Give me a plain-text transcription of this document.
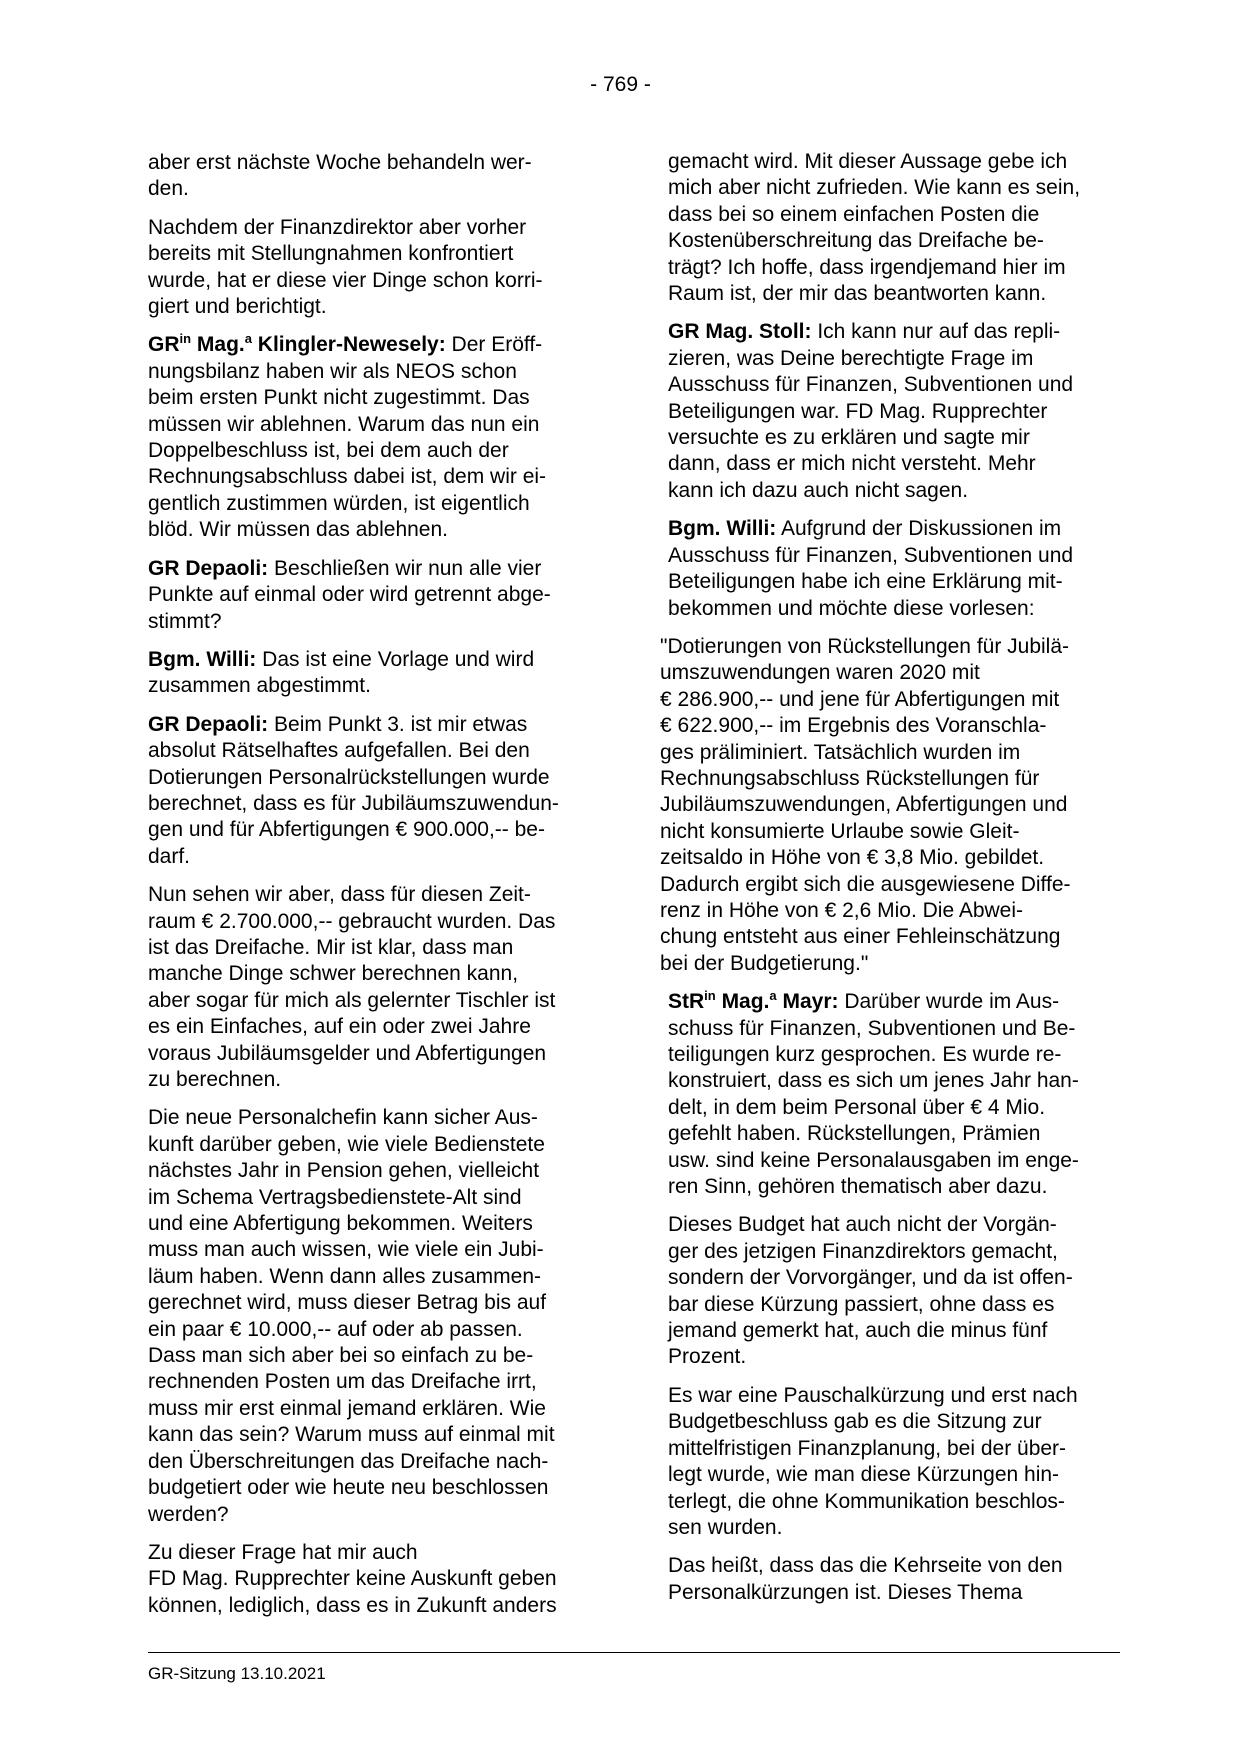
- 769 -

aber erst nächste Woche behandeln wer-
den.

Nachdem der Finanzdirektor aber vorher
bereits mit Stellungnahmen konfrontiert
wurde, hat er diese vier Dinge schon korri-
giert und berichtigt.

$GR^{in}$ Mag.$^a$ Klingler-Newesely: Der Eröff-
nungsbilanz haben wir als NEOS schon
beim ersten Punkt nicht zugestimmt. Das
müssen wir ablehnen. Warum das nun ein
Doppelbeschluss ist, bei dem auch der
Rechnungsabschluss dabei ist, dem wir ei-
gentlich zustimmen würden, ist eigentlich
blöd. Wir müssen das ablehnen.

GR Depaoli: Beschließen wir nun alle vier
Punkte auf einmal oder wird getrennt abge-
stimmt?

Bgm. Willi: Das ist eine Vorlage und wird
zusammen abgestimmt.

GR Depaoli: Beim Punkt 3. ist mir etwas
absolut Rätselhaftes aufgefallen. Bei den
Dotierungen Personalrückstellungen wurde
berechnet, dass es für Jubiläumszuwendun-
gen und für Abfertigungen € 900.000,-- be-
darf.

Nun sehen wir aber, dass für diesen Zeit-
raum € 2.700.000,-- gebraucht wurden. Das
ist das Dreifache. Mir ist klar, dass man
manche Dinge schwer berechnen kann,
aber sogar für mich als gelernter Tischler ist
es ein Einfaches, auf ein oder zwei Jahre
voraus Jubiläumsgelder und Abfertigungen
zu berechnen.

Die neue Personalchefin kann sicher Aus-
kunft darüber geben, wie viele Bedienstete
nächstes Jahr in Pension gehen, vielleicht
im Schema Vertragsbedienstete-Alt sind
und eine Abfertigung bekommen. Weiters
muss man auch wissen, wie viele ein Jubi-
läum haben. Wenn dann alles zusammen-
gerechnet wird, muss dieser Betrag bis auf
ein paar € 10.000,-- auf oder ab passen.
Dass man sich aber bei so einfach zu be-
rechnenden Posten um das Dreifache irrt,
muss mir erst einmal jemand erklären. Wie
kann das sein? Warum muss auf einmal mit
den Überschreitungen das Dreifache nach-
budgetiert oder wie heute neu beschlossen
werden?

Zu dieser Frage hat mir auch
FD Mag. Rupprechter keine Auskunft geben
können, lediglich, dass es in Zukunft anders

gemacht wird. Mit dieser Aussage gebe ich
mich aber nicht zufrieden. Wie kann es sein,
dass bei so einem einfachen Posten die
Kostenüberschreitung das Dreifache be-
trägt? Ich hoffe, dass irgendjemand hier im
Raum ist, der mir das beantworten kann.

GR Mag. Stoll: Ich kann nur auf das repli-
zieren, was Deine berechtigte Frage im
Ausschuss für Finanzen, Subventionen und
Beteiligungen war. FD Mag. Rupprechter
versuchte es zu erklären und sagte mir
dann, dass er mich nicht versteht. Mehr
kann ich dazu auch nicht sagen.

Bgm. Willi: Aufgrund der Diskussionen im
Ausschuss für Finanzen, Subventionen und
Beteiligungen habe ich eine Erklärung mit-
bekommen und möchte diese vorlesen:

"Dotierungen von Rückstellungen für Jubilä-
umszuwendungen waren 2020 mit
€ 286.900,-- und jene für Abfertigungen mit
€ 622.900,-- im Ergebnis des Voranschla-
ges präliminiert. Tatsächlich wurden im
Rechnungsabschluss Rückstellungen für
Jubiläumszuwendungen, Abfertigungen und
nicht konsumierte Urlaube sowie Gleit-
zeitsaldo in Höhe von € 3,8 Mio. gebildet.
Dadurch ergibt sich die ausgewiesene Diffe-
renz in Höhe von € 2,6 Mio. Die Abwei-
chung entsteht aus einer Fehleinschätzung
bei der Budgetierung."

StR$^{in}$ Mag.$^a$ Mayr: Darüber wurde im Aus-
schuss für Finanzen, Subventionen und Be-
teiligungen kurz gesprochen. Es wurde re-
konstruiert, dass es sich um jenes Jahr han-
delt, in dem beim Personal über € 4 Mio.
gefehlt haben. Rückstellungen, Prämien
usw. sind keine Personalausgaben im enge-
ren Sinn, gehören thematisch aber dazu.

Dieses Budget hat auch nicht der Vorgän-
ger des jetzigen Finanzdirektors gemacht,
sondern der Vorvorgänger, und da ist offen-
bar diese Kürzung passiert, ohne dass es
jemand gemerkt hat, auch die minus fünf
Prozent.

Es war eine Pauschalkürzung und erst nach
Budgetbeschluss gab es die Sitzung zur
mittelfristigen Finanzplanung, bei der über-
legt wurde, wie man diese Kürzungen hin-
terlegt, die ohne Kommunikation beschlos-
sen wurden.

Das heißt, dass das die Kehrseite von den
Personalkürzungen ist. Dieses Thema

GR-Sitzung 13.10.2021
